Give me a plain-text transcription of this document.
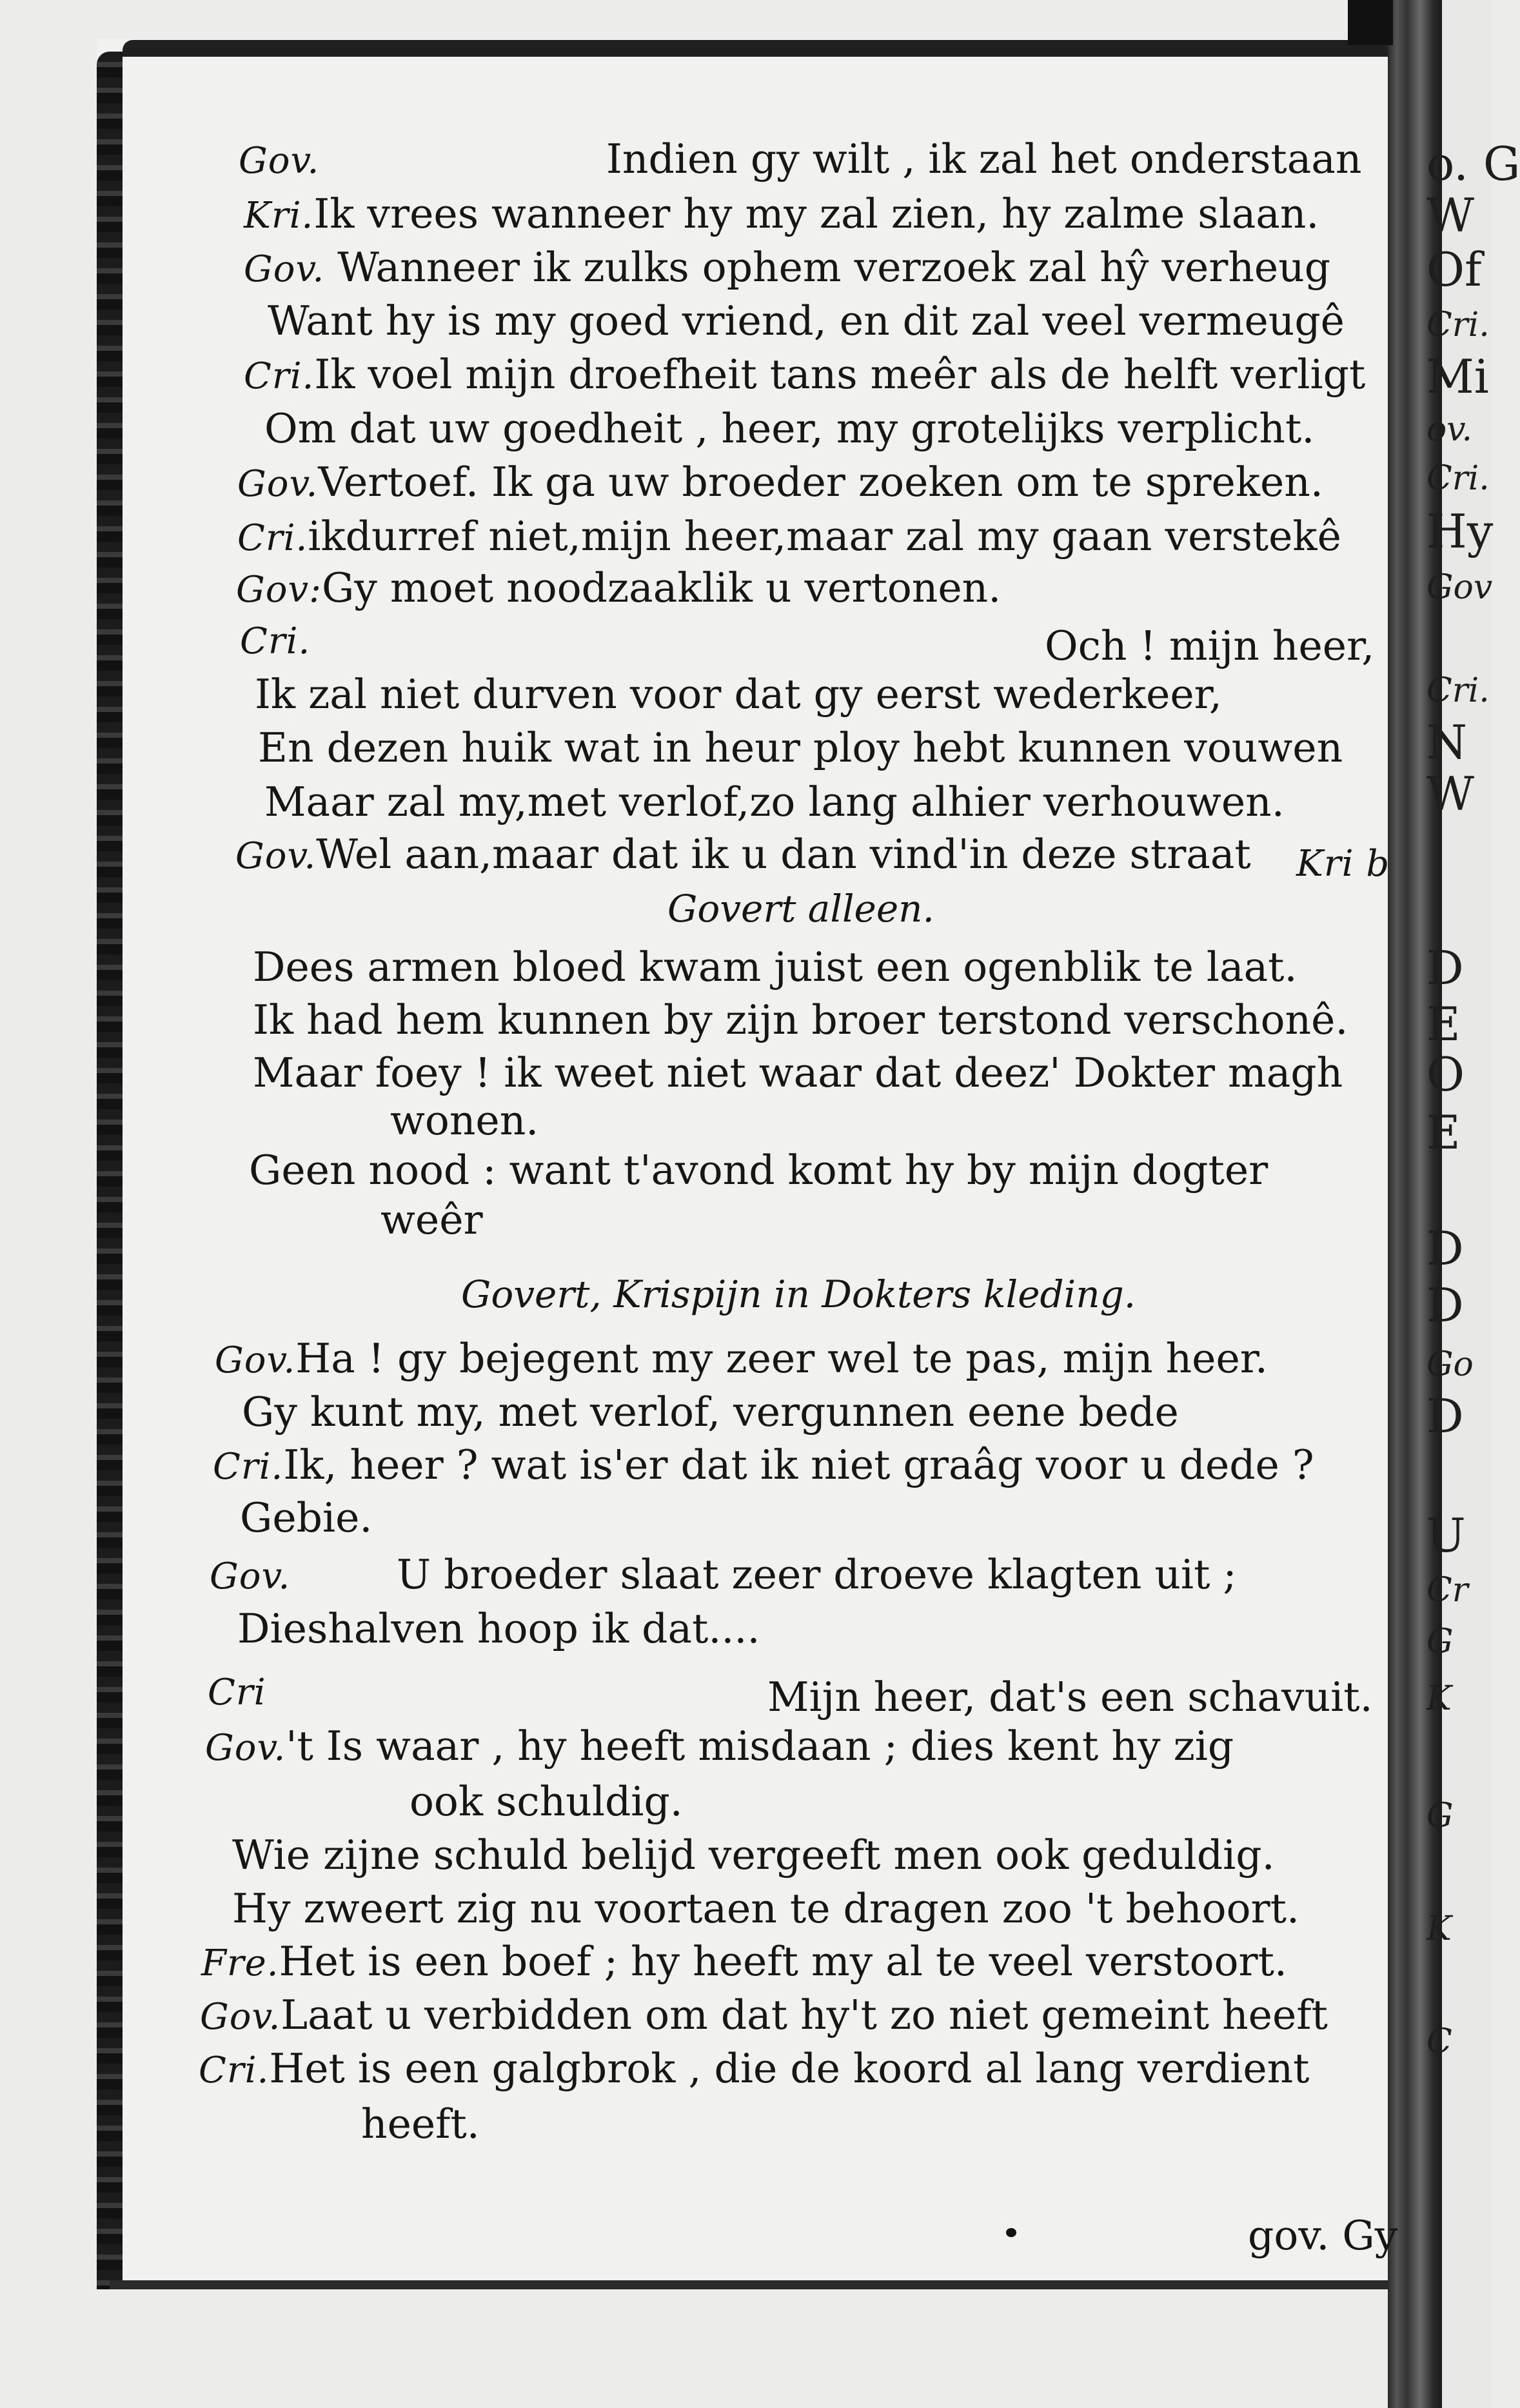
Gov.	Indien gy wilt , ik zal het onderstaan
Kri.Ik vrees wanneer hy my zal zien, hy zalme slaan.
Gov. Wanneer ik zulks ophem verzoek zal hŷ verheug
Want hy is my goed vriend, en dit zal veel vermeugê
Cri.Ik voel mijn droefheit tans meêr als de helft verligt
Om dat uw goedheit , heer, my grotelijks verplicht.
Gov.Vertoef. Ik ga uw broeder zoeken om te spreken.
Cri.ikdurref niet,mijn heer,maar zal my gaan verstekê
Gov:Gy moet noodzaaklik u vertonen.
Cri.	Och ! mijn heer,
Ik zal niet durven voor dat gy eerst wederkeer,
En dezen huik wat in heur ploy hebt kunnen vouwen
Maar zal my,met verlof,zo lang alhier verhouwen.
Gov.Wel aan,maar dat ik u dan vind'in deze straat Kri b
Govert alleen.
Dees armen bloed kwam juist een ogenblik te laat.
Ik had hem kunnen by zijn broer terstond verschonê.
Maar foey ! ik weet niet waar dat deez' Dokter magh
wonen.
Geen nood : want t'avond komt hy by mijn dogter
weêr
Govert, Krispijn in Dokters kleding.
Gov.Ha ! gy bejegent my zeer wel te pas, mijn heer.
Gy kunt my, met verlof, vergunnen eene bede
Cri.Ik, heer ? wat is'er dat ik niet graâg voor u dede ?
Gebie.
Gov.	U broeder slaat zeer droeve klagten uit ;
Dieshalven hoop ik dat....
Cri	Mijn heer, dat's een schavuit.
Gov.'t Is waar , hy heeft misdaan ; dies kent hy zig
ook schuldig.
Wie zijne schuld belijd vergeeft men ook geduldig.
Hy zweert zig nu voortaen te dragen zoo 't behoort.
Fre.Het is een boef ; hy heeft my al te veel verstoort.
Gov.Laat u verbidden om dat hy't zo niet gemeint heeft
Cri.Het is een galgbrok , die de koord al lang verdient
heeft.
gov. Gy
o. G
W
Of
Cri.
Mi
ov.
Cri.
Hy
Gov
Cri.
N
W
D
E
O
E
D
D
Go
D
U
Cr
G
K
G
K
C
